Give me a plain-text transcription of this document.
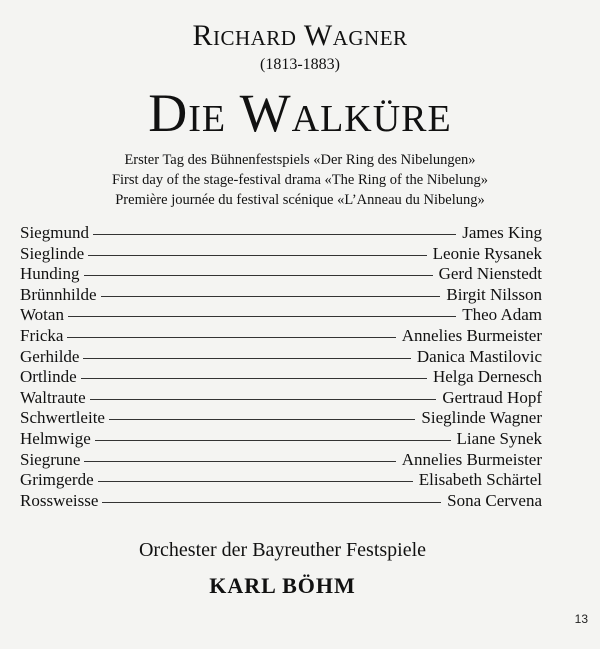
Richard Wagner
(1813-1883)
Die Walküre
Erster Tag des Bühnenfestspiels «Der Ring des Nibelungen»
First day of the stage-festival drama «The Ring of the Nibelung»
Première journée du festival scénique «L’Anneau du Nibelung»
Siegmund	James King
Sieglinde	Leonie Rysanek
Hunding	Gerd Nienstedt
Brünnhilde	Birgit Nilsson
Wotan	Theo Adam
Fricka	Annelies Burmeister
Gerhilde	Danica Mastilovic
Ortlinde	Helga Dernesch
Waltraute	Gertraud Hopf
Schwertleite	Sieglinde Wagner
Helmwige	Liane Synek
Siegrune	Annelies Burmeister
Grimgerde	Elisabeth Schärtel
Rossweisse	Sona Cervena
Orchester der Bayreuther Festspiele
KARL BÖHM
13
